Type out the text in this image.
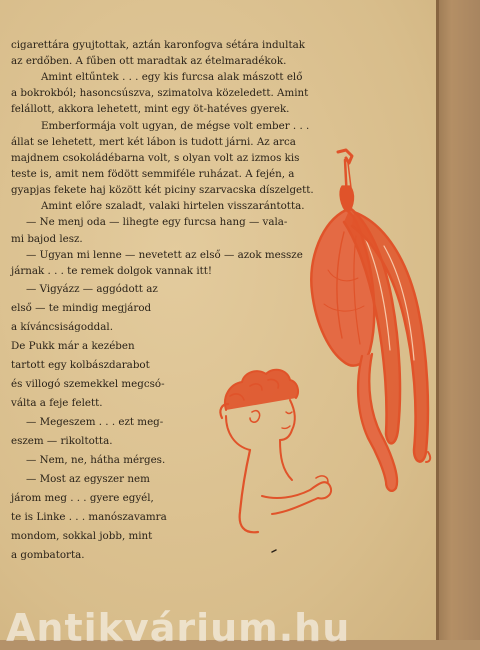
cigarettára gyujtottak, aztán karonfogva sétára indultak
az erdőben. A fűben ott maradtak az ételmaradékok.
Amint eltűntek . . . egy kis furcsa alak mászott elő
a bokrokból; hasoncsúszva, szimatolva közeledett. Amint
felállott, akkora lehetett, mint egy öt-hatéves gyerek.
Emberformája volt ugyan, de mégse volt ember . . .
állat se lehetett, mert két lábon is tudott járni. Az arca
majdnem csokoládébarna volt, s olyan volt az izmos kis
teste is, amit nem födött semmiféle ruházat. A fején, a
gyapjas fekete haj között két piciny szarvacska díszelgett.
Amint előre szaladt, valaki hirtelen visszarántotta.
— Ne menj oda — lihegte egy furcsa hang — vala-
mi bajod lesz.
— Ugyan mi lenne — nevetett az első — azok messze
járnak . . . te remek dolgok vannak itt!
— Vigyázz — aggódott az
első — te mindig megjárod
a kíváncsiságoddal.
De Pukk már a kezében
tartott egy kolbászdarabot
és villogó szemekkel megcsó-
válta a feje felett.
— Megeszem . . . ezt meg-
eszem — rikoltotta.
— Nem, ne, hátha mérges.
— Most az egyszer nem
járom meg . . . gyere egyél,
te is Linke . . . manószavamra
mondom, sokkal jobb, mint
a gombatorta.
Antikvárium.hu
